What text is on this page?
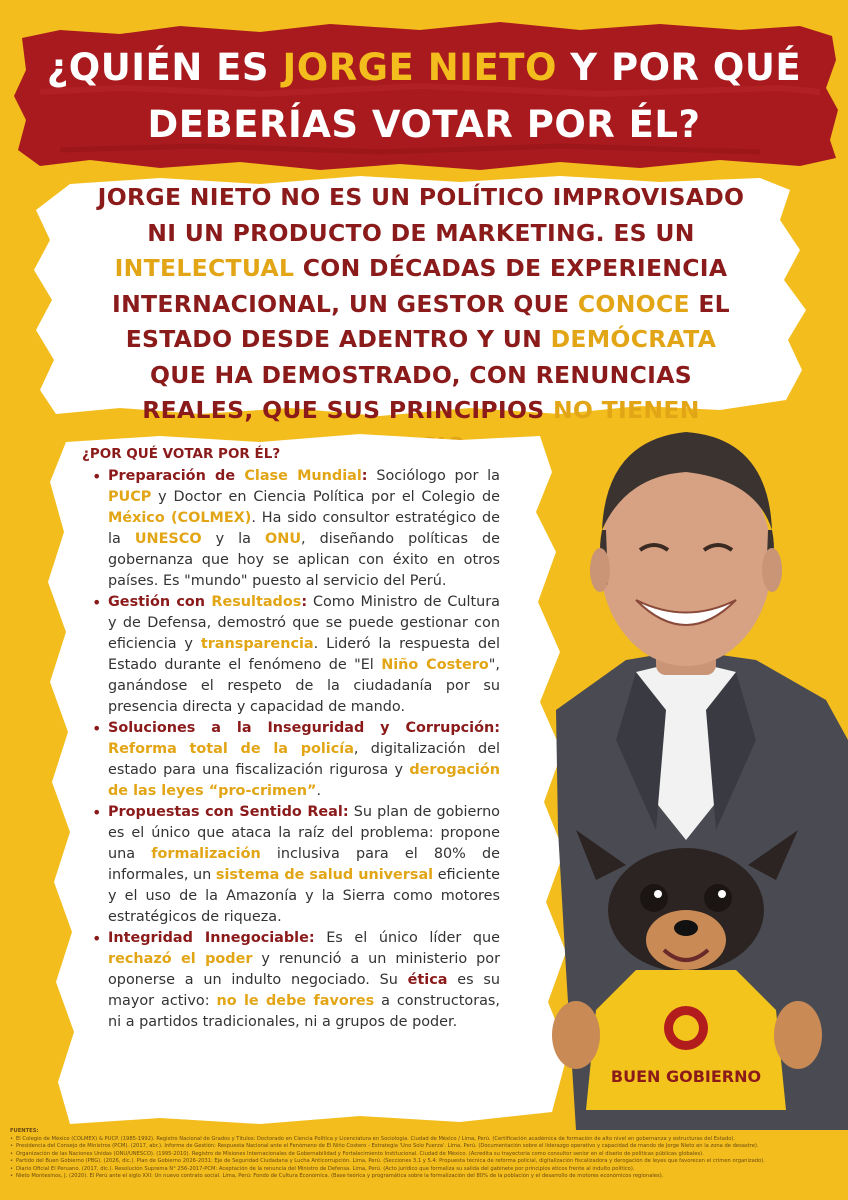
¿QUIÉN ES JORGE NIETO Y POR QUÉ
DEBERÍAS VOTAR POR ÉL?
JORGE NIETO NO ES UN POLÍTICO IMPROVISADO NI UN PRODUCTO DE MARKETING. ES UN INTELECTUAL CON DÉCADAS DE EXPERIENCIA INTERNACIONAL, UN GESTOR QUE CONOCE EL ESTADO DESDE ADENTRO Y UN DEMÓCRATA QUE HA DEMOSTRADO, CON RENUNCIAS REALES, QUE SUS PRINCIPIOS NO TIENEN
¿POR QUÉ VOTAR POR ÉL?
• Preparación de Clase Mundial: Sociólogo por la PUCP y Doctor en Ciencia Política por el Colegio de México (COLMEX). Ha sido consultor estratégico de la UNESCO y la ONU, diseñando políticas de gobernanza que hoy se aplican con éxito en otros países. Es "mundo" puesto al servicio del Perú.
• Gestión con Resultados: Como Ministro de Cultura y de Defensa, demostró que se puede gestionar con eficiencia y transparencia. Lideró la respuesta del Estado durante el fenómeno de "El Niño Costero", ganándose el respeto de la ciudadanía por su presencia directa y capacidad de mando.
• Soluciones a la Inseguridad y Corrupción: Reforma total de la policía, digitalización del estado para una fiscalización rigurosa y derogación de las leyes “pro-crimen”.
• Propuestas con Sentido Real: Su plan de gobierno es el único que ataca la raíz del problema: propone una formalización inclusiva para el 80% de informales, un sistema de salud universal eficiente y el uso de la Amazonía y la Sierra como motores estratégicos de riqueza.
• Integridad Innegociable: Es el único líder que rechazó el poder y renunció a un ministerio por oponerse a un indulto negociado. Su ética es su mayor activo: no le debe favores a constructoras, ni a partidos tradicionales, ni a grupos de poder.
BUEN GOBIERNO
FUENTES:
• El Colegio de México (COLMEX) & PUCP. (1985-1992). Registro Nacional de Grados y Títulos: Doctorado en Ciencia Política y Licenciatura en Sociología. Ciudad de México / Lima, Perú. (Certificación académica de formación de alto nivel en gobernanza y estructuras del Estado).
• Presidencia del Consejo de Ministros (PCM). (2017, abr.). Informe de Gestión: Respuesta Nacional ante el Fenómeno de El Niño Costero - Estrategia 'Uno Solo Fuerza'. Lima, Perú. (Documentación sobre el liderazgo operativo y capacidad de mando de Jorge Nieto en la zona de desastre).
• Organización de las Naciones Unidas (ONU/UNESCO). (1995-2010). Registro de Misiones Internacionales de Gobernabilidad y Fortalecimiento Institucional. Ciudad de México. (Acredita su trayectoria como consultor senior en el diseño de políticas públicas globales).
• Partido del Buen Gobierno (PBG). (2026, dic.). Plan de Gobierno 2026-2031: Eje de Seguridad Ciudadana y Lucha Anticorrupción. Lima, Perú. (Secciones 3.1 y 5.4: Propuesta técnica de reforma policial, digitalización fiscalizadora y derogación de leyes que favorecen el crimen organizado).
• Diario Oficial El Peruano. (2017, dic.). Resolución Suprema N° 256-2017-PCM: Aceptación de la renuncia del Ministro de Defensa. Lima, Perú. (Acto jurídico que formaliza su salida del gabinete por principios éticos frente al indulto político).
• Nieto Montesinos, J. (2020). El Perú ante el siglo XXI: Un nuevo contrato social. Lima, Perú: Fondo de Cultura Económica. (Base teórica y programática sobre la formalización del 80% de la población y el desarrollo de motores económicos regionales).
